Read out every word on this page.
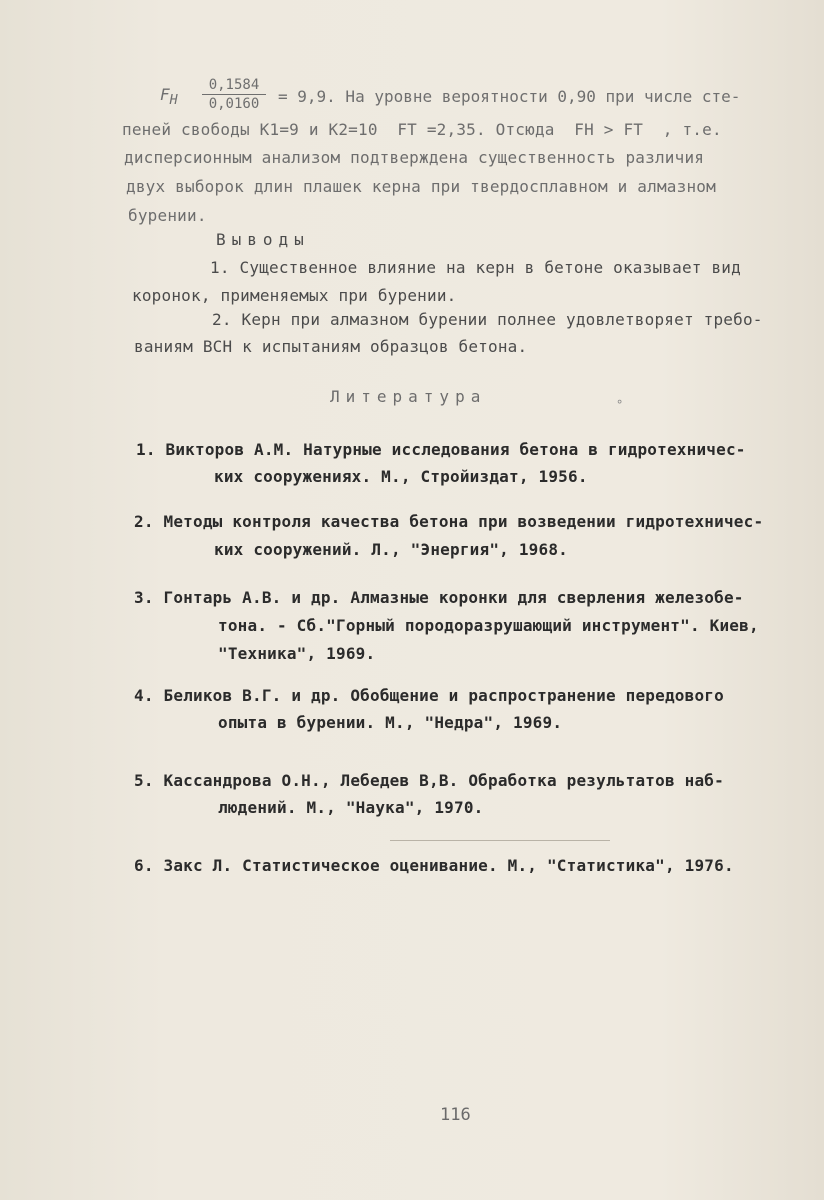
$F_H$
0,1584
0,0160	= 9,9. На уровне вероятности 0,90 при числе сте-
пеней свободы K1=9 и K2=10  FT =2,35. Отсюда  FH > FT  , т.е.
дисперсионным анализом подтверждена существенность различия
двух выборок длин плашек керна при твердосплавном и алмазном
бурении.
Выводы
1. Существенное влияние на керн в бетоне оказывает вид
коронок, применяемых при бурении.
2. Керн при алмазном бурении полнее удовлетворяет требо-
ваниям ВСН к испытаниям образцов бетона.
Литература	°
1. Викторов А.М. Натурные исследования бетона в гидротехничес-
ких сооружениях. М., Стройиздат, 1956.
2. Методы контроля качества бетона при возведении гидротехничес-
ких сооружений. Л., "Энергия", 1968.
3. Гонтарь А.В. и др. Алмазные коронки для сверления железобе-
тона. - Сб."Горный породоразрушающий инструмент". Киев,
"Техника", 1969.
4. Беликов В.Г. и др. Обобщение и распространение передового
опыта в бурении. М., "Недра", 1969.
5. Кассандрова О.Н., Лебедев В,В. Обработка результатов наб-
людений. М., "Наука", 1970.
6. Закс Л. Статистическое оценивание. М., "Статистика", 1976.
116
